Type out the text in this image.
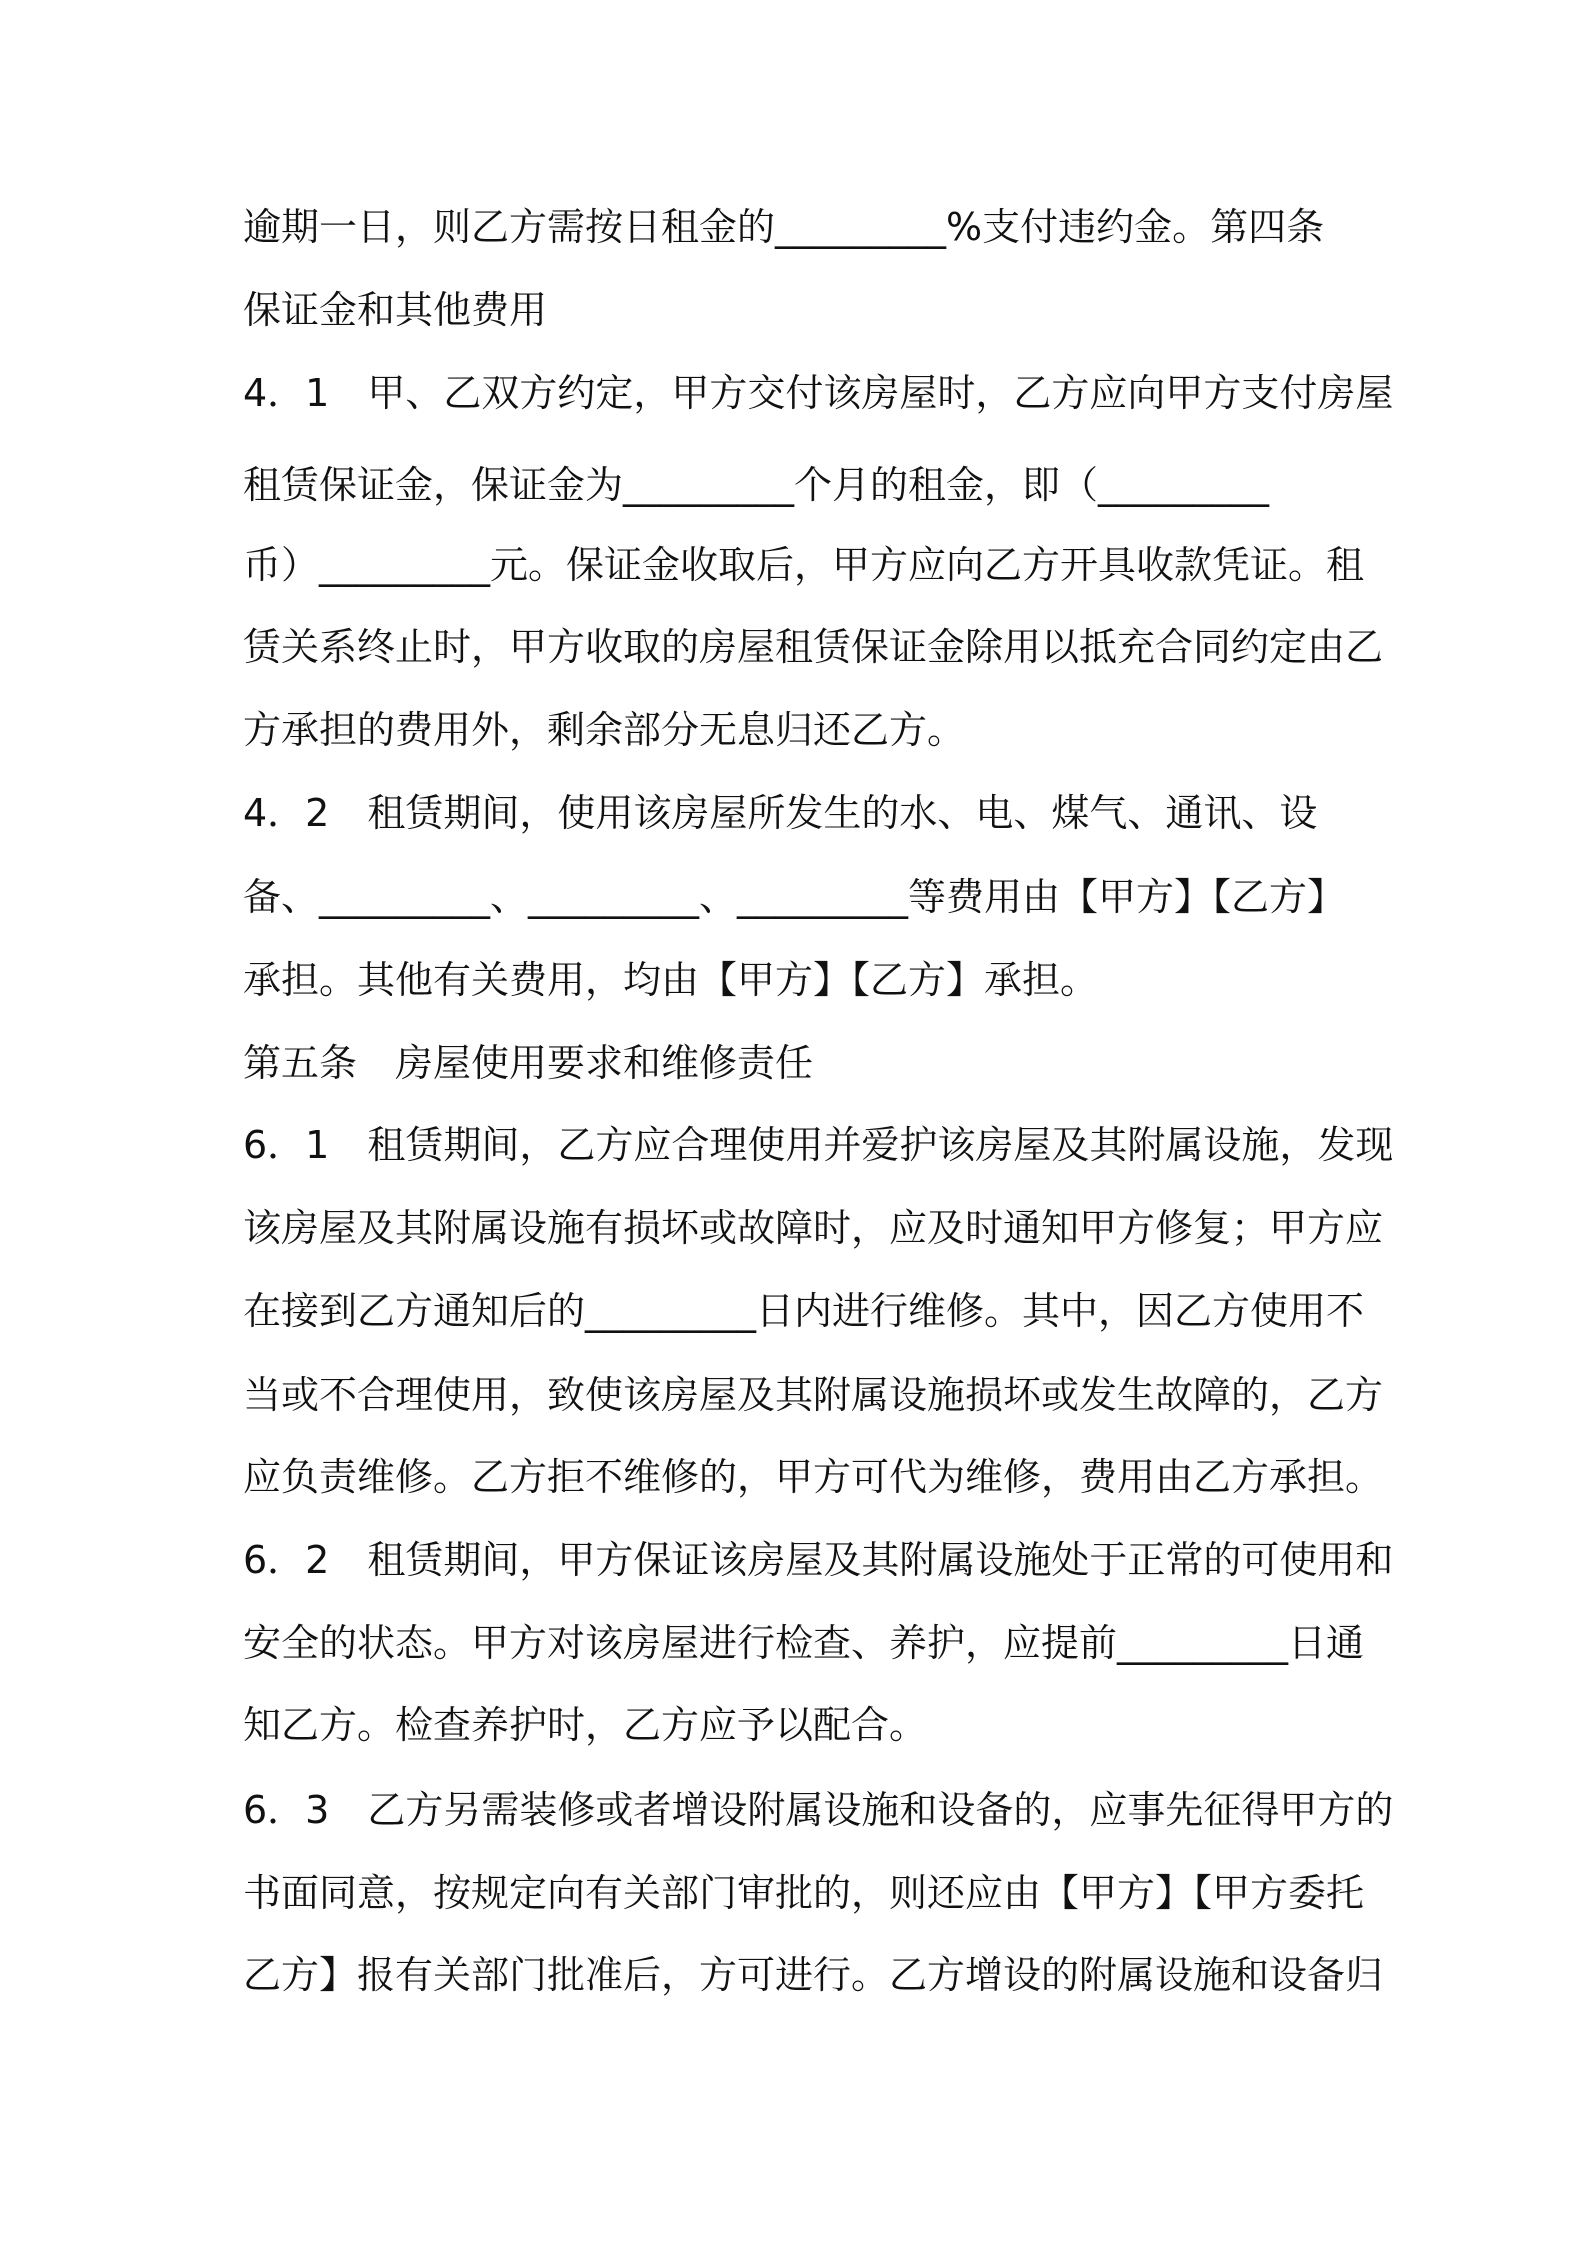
逾期一日，则乙方需按日租金的_________%支付违约金。第四条
保证金和其他费用
4．1　甲、乙双方约定，甲方交付该房屋时，乙方应向甲方支付房屋
租赁保证金，保证金为_________个月的租金，即（_________
币）_________元。保证金收取后，甲方应向乙方开具收款凭证。租
赁关系终止时，甲方收取的房屋租赁保证金除用以抵充合同约定由乙
方承担的费用外，剩余部分无息归还乙方。
4．2　租赁期间，使用该房屋所发生的水、电、煤气、通讯、设
备、_________、_________、_________等费用由【甲方】【乙方】
承担。其他有关费用，均由【甲方】【乙方】承担。
第五条　房屋使用要求和维修责任
6．1　租赁期间，乙方应合理使用并爱护该房屋及其附属设施，发现
该房屋及其附属设施有损坏或故障时，应及时通知甲方修复；甲方应
在接到乙方通知后的_________日内进行维修。其中，因乙方使用不
当或不合理使用，致使该房屋及其附属设施损坏或发生故障的，乙方
应负责维修。乙方拒不维修的，甲方可代为维修，费用由乙方承担。
6．2　租赁期间，甲方保证该房屋及其附属设施处于正常的可使用和
安全的状态。甲方对该房屋进行检查、养护，应提前_________日通
知乙方。检查养护时，乙方应予以配合。
6．3　乙方另需装修或者增设附属设施和设备的，应事先征得甲方的
书面同意，按规定向有关部门审批的，则还应由【甲方】【甲方委托
乙方】报有关部门批准后，方可进行。乙方增设的附属设施和设备归
